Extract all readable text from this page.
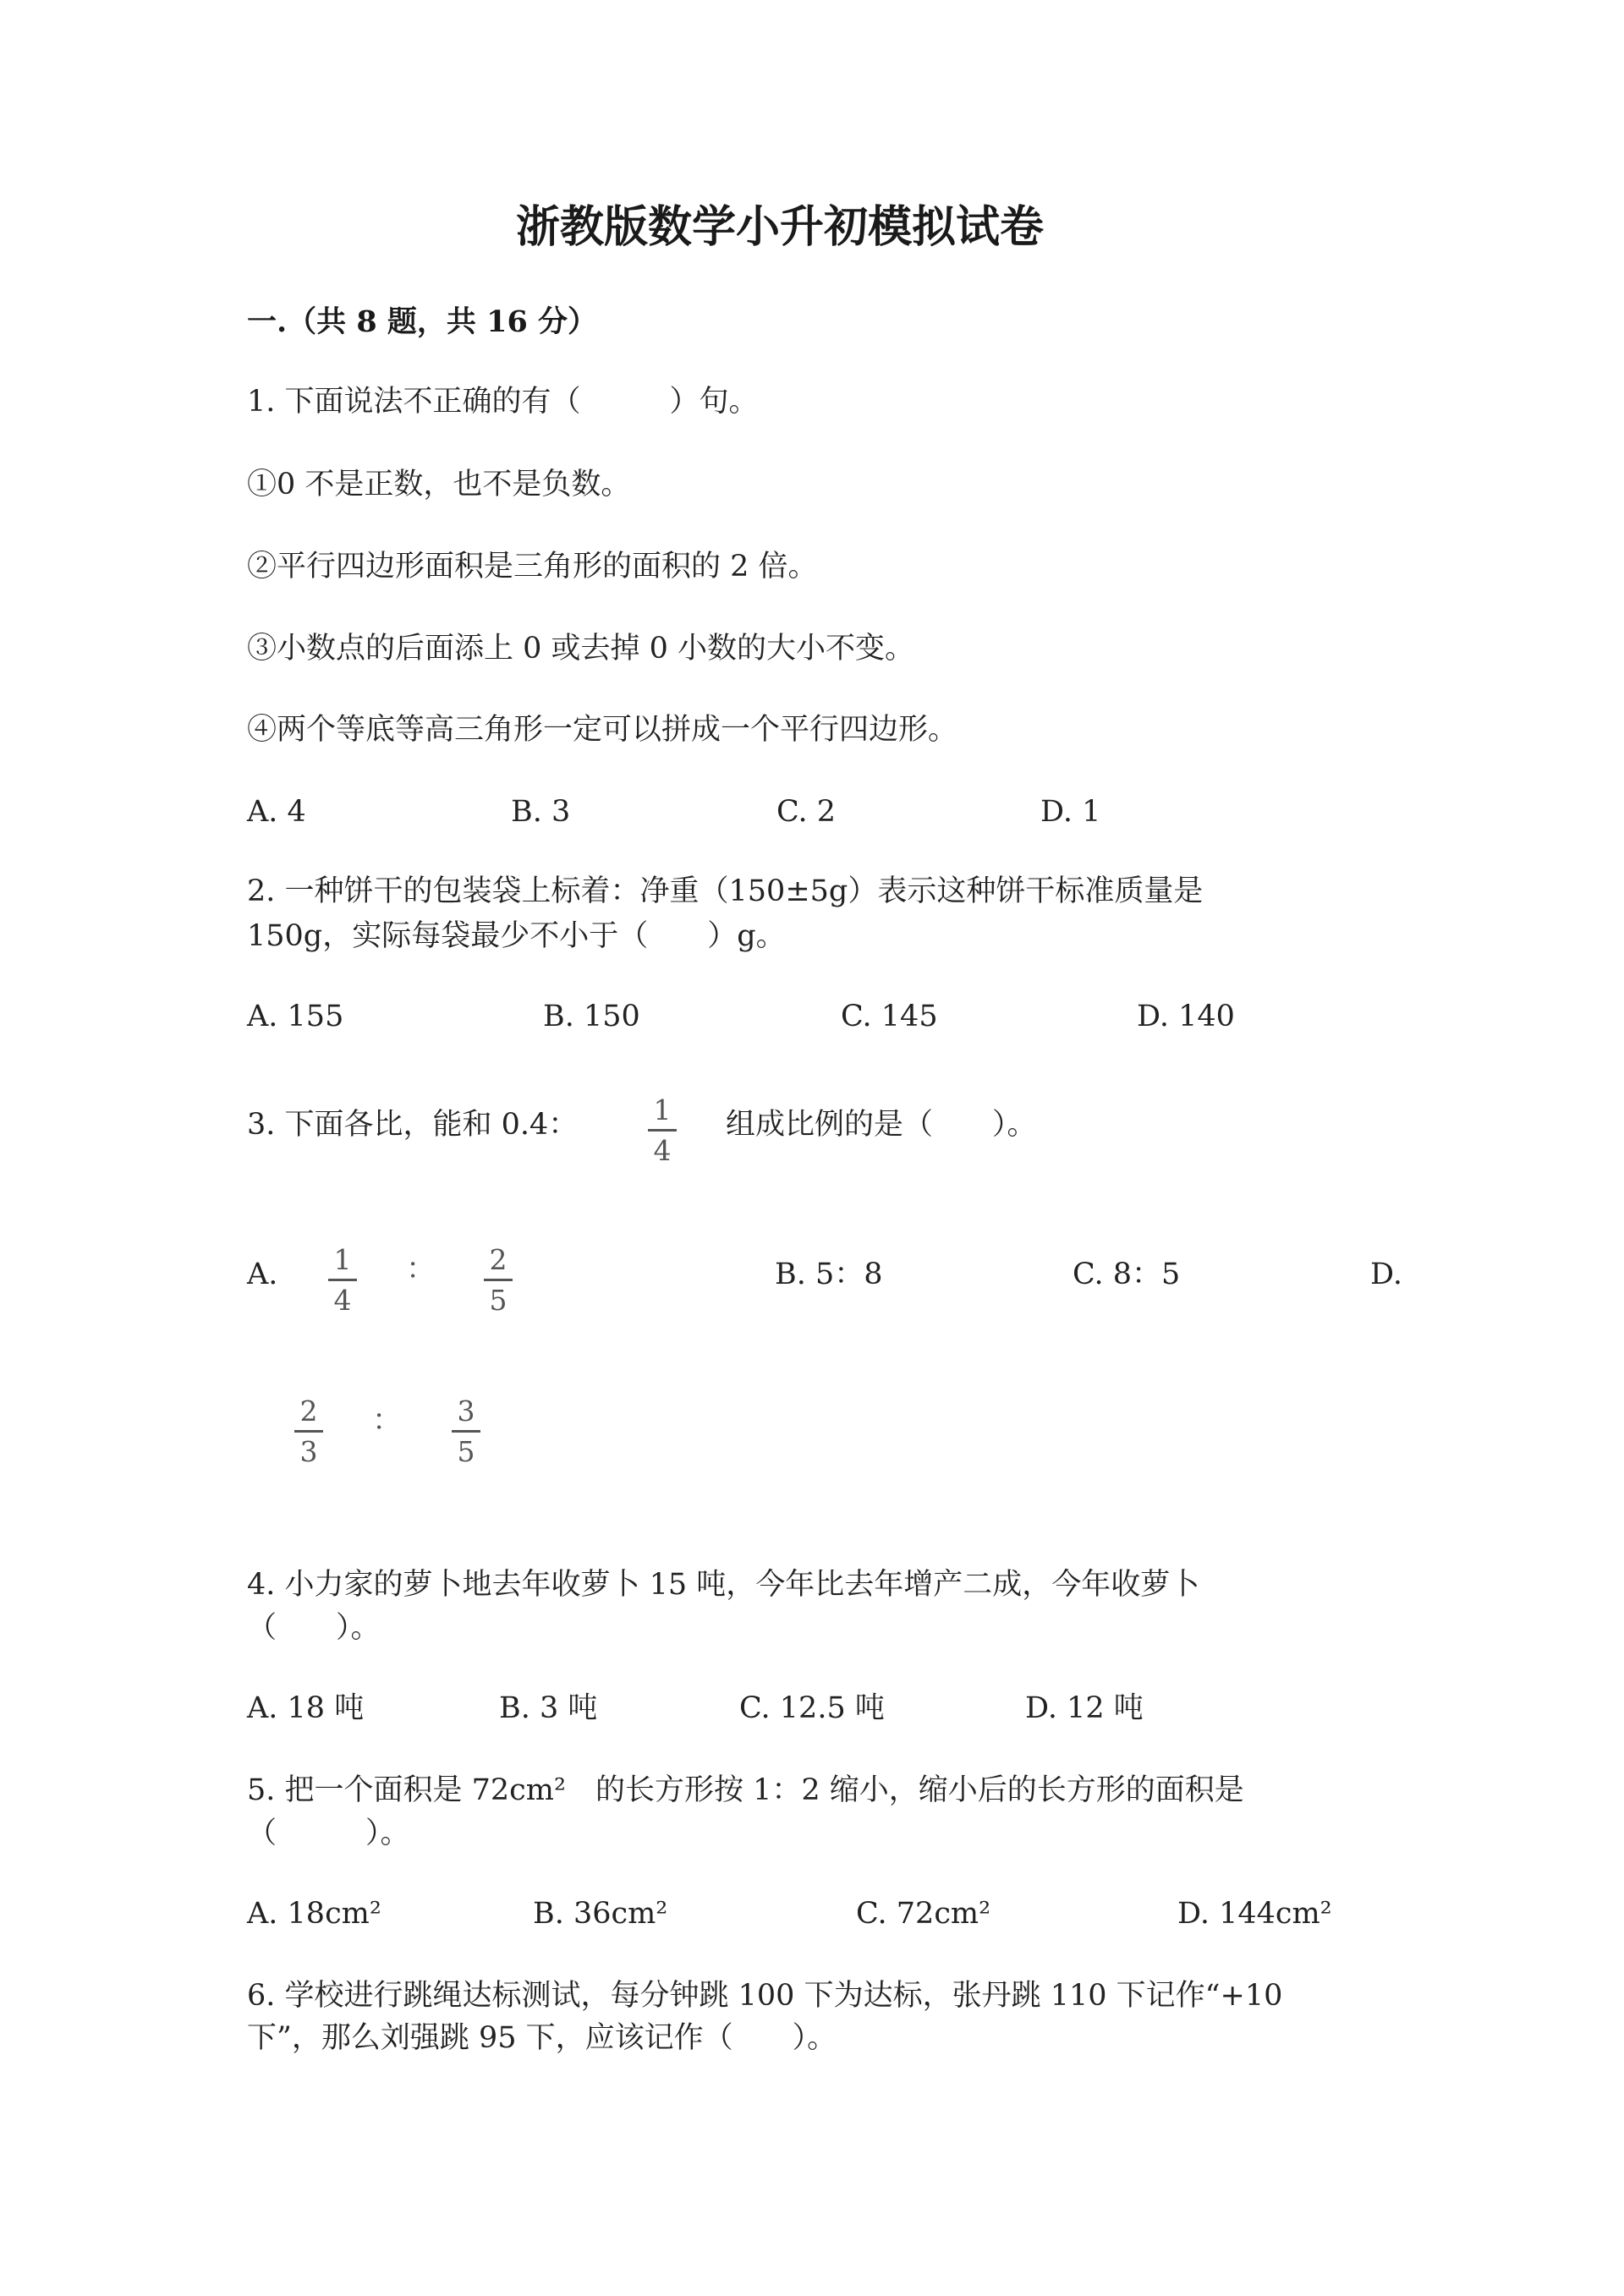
浙教版数学小升初模拟试卷
一.（共 8 题，共 16 分）
1. 下面说法不正确的有（　　　）句。
①0 不是正数，也不是负数。
②平行四边形面积是三角形的面积的 2 倍。
③小数点的后面添上 0 或去掉 0 小数的大小不变。
④两个等底等高三角形一定可以拼成一个平行四边形。
A. 4	B. 3	C. 2	D. 1
2. 一种饼干的包装袋上标着：净重（150±5g）表示这种饼干标准质量是
150g，实际每袋最少不小于（　　）g。
A. 155	B. 150	C. 145	D. 140
3. 下面各比，能和 0.4：	1
4
组成比例的是（　　）。
A. 1
4
： 2
5
B. 5：8	C. 8：5	D.
2
3
： 3
5
4. 小力家的萝卜地去年收萝卜 15 吨，今年比去年增产二成，今年收萝卜
（　　）。
A. 18 吨	B. 3 吨	C. 12.5 吨	D. 12 吨
5. 把一个面积是 72cm²　的长方形按 1：2 缩小，缩小后的长方形的面积是
（　　　）。
A. 18cm²	B. 36cm²	C. 72cm²	D. 144cm²
6. 学校进行跳绳达标测试，每分钟跳 100 下为达标，张丹跳 110 下记作“+10
下”，那么刘强跳 95 下，应该记作（　　）。
